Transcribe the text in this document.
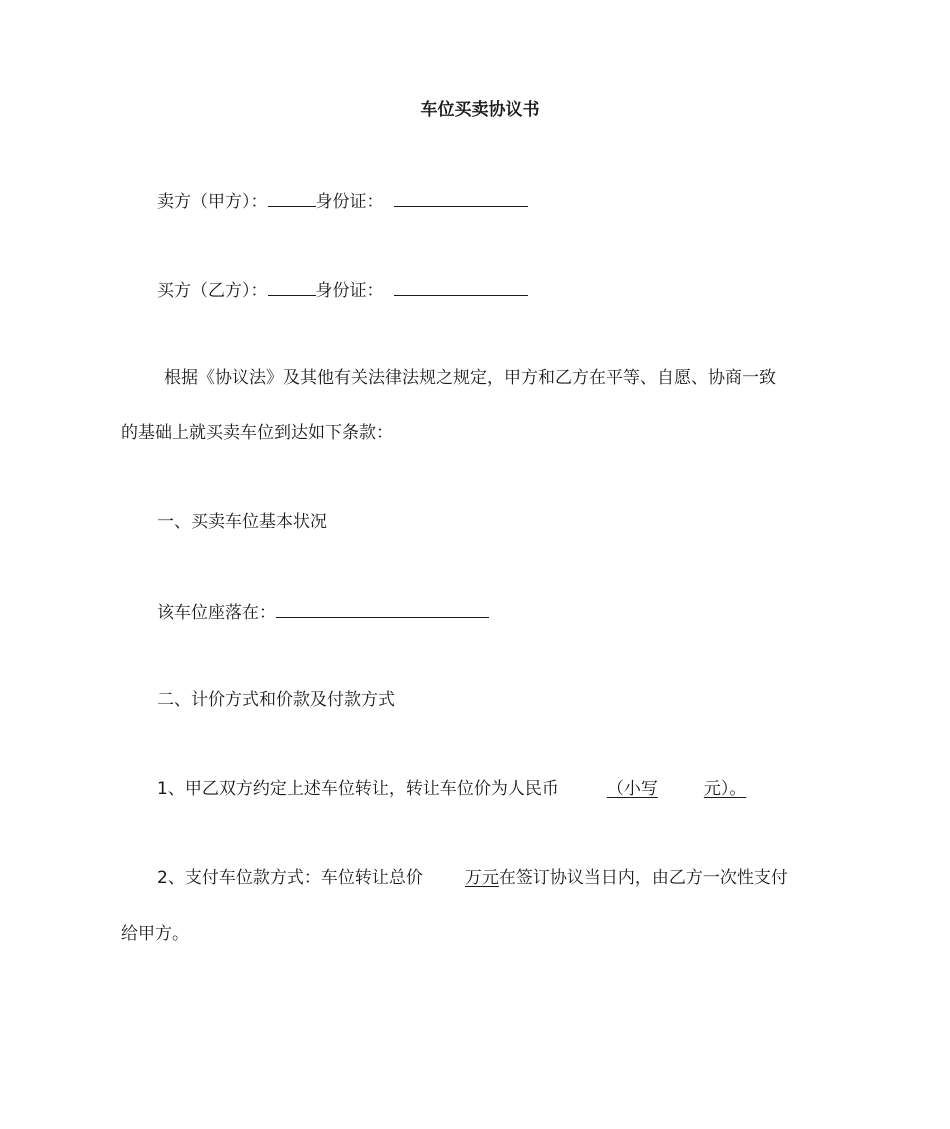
车位买卖协议书
卖方（甲方）：	身份证：
买方（乙方）：	身份证：
根据《协议法》及其他有关法律法规之规定，甲方和乙方在平等、自愿、协商一致
的基础上就买卖车位到达如下条款：
一、买卖车位基本状况
该车位座落在：
二、计价方式和价款及付款方式
1、甲乙双方约定上述车位转让，转让车位价为人民币	（小写	元）。
2、支付车位款方式：车位转让总价 万元在签订协议当日内，由乙方一次性支付
给甲方。
